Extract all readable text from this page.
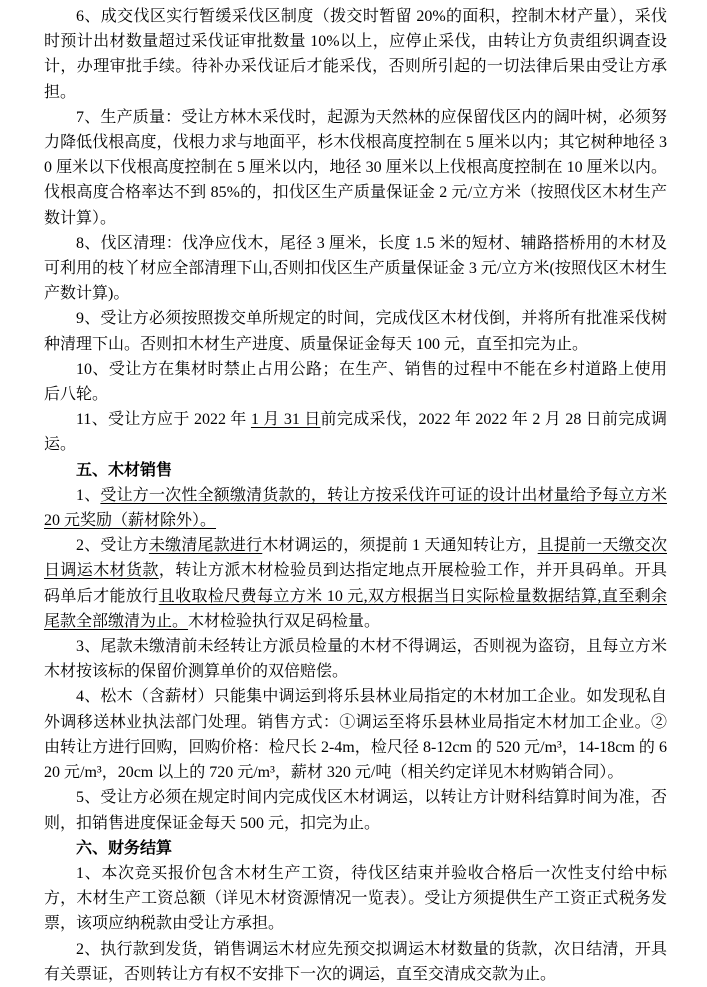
6、成交伐区实行暂缓采伐区制度（拨交时暂留 20%的面积，控制木材产量），采伐时预计出材数量超过采伐证审批数量 10%以上，应停止采伐，由转让方负责组织调查设计，办理审批手续。待补办采伐证后才能采伐，否则所引起的一切法律后果由受让方承担。

7、生产质量：受让方林木采伐时，起源为天然林的应保留伐区内的阔叶树，必须努力降低伐根高度，伐根力求与地面平，杉木伐根高度控制在 5 厘米以内；其它树种地径 30 厘米以下伐根高度控制在 5 厘米以内，地径 30 厘米以上伐根高度控制在 10 厘米以内。伐根高度合格率达不到 85%的，扣伐区生产质量保证金 2 元/立方米（按照伐区木材生产数计算）。

8、伐区清理：伐净应伐木，尾径 3 厘米，长度 1.5 米的短材、辅路搭桥用的木材及可利用的枝丫材应全部清理下山,否则扣伐区生产质量保证金 3 元/立方米(按照伐区木材生产数计算)。

9、受让方必须按照拨交单所规定的时间，完成伐区木材伐倒，并将所有批准采伐树种清理下山。否则扣木材生产进度、质量保证金每天 100 元，直至扣完为止。

10、受让方在集材时禁止占用公路；在生产、销售的过程中不能在乡村道路上使用后八轮。

11、受让方应于 2022 年 1 月 31 日前完成采伐，2022 年 2022 年 2 月 28 日前完成调运。

五、木材销售

1、受让方一次性全额缴清货款的，转让方按采伐许可证的设计出材量给予每立方米 20 元奖励（薪材除外）。

2、受让方未缴清尾款进行木材调运的，须提前 1 天通知转让方，且提前一天缴交次日调运木材货款，转让方派木材检验员到达指定地点开展检验工作，并开具码单。开具码单后才能放行且收取检尺费每立方米 10 元,双方根据当日实际检量数据结算,直至剩余尾款全部缴清为止。木材检验执行双足码检量。

3、尾款未缴清前未经转让方派员检量的木材不得调运，否则视为盗窃，且每立方米木材按该标的保留价测算单价的双倍赔偿。

4、松木（含薪材）只能集中调运到将乐县林业局指定的木材加工企业。如发现私自外调移送林业执法部门处理。销售方式：①调运至将乐县林业局指定木材加工企业。②由转让方进行回购，回购价格：检尺长 2-4m，检尺径 8-12cm 的 520 元/m³，14-18cm 的 620 元/m³，20cm 以上的 720 元/m³，薪材 320 元/吨（相关约定详见木材购销合同）。

5、受让方必须在规定时间内完成伐区木材调运，以转让方计财科结算时间为准，否则，扣销售进度保证金每天 500 元，扣完为止。

六、财务结算

1、本次竞买报价包含木材生产工资，待伐区结束并验收合格后一次性支付给中标方，木材生产工资总额（详见木材资源情况一览表）。受让方须提供生产工资正式税务发票，该项应纳税款由受让方承担。

2、执行款到发货，销售调运木材应先预交拟调运木材数量的货款，次日结清，开具有关票证，否则转让方有权不安排下一次的调运，直至交清成交款为止。
